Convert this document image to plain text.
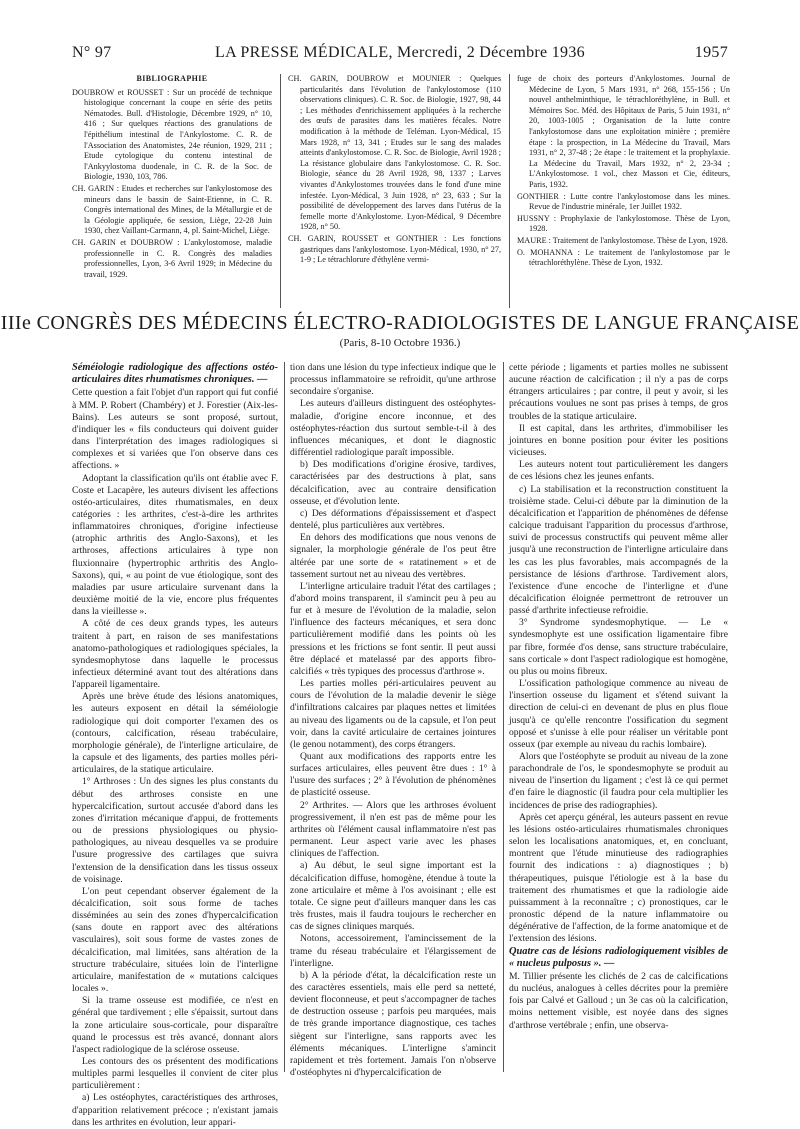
N° 97	LA PRESSE MÉDICALE, Mercredi, 2 Décembre 1936	1957
BIBLIOGRAPHIE

DOUBROW et ROUSSET : Sur un procédé de technique histologique concernant la coupe en série des petits Nématodes. Bull. d'Histologie, Décembre 1929, n° 10, 416 ; Sur quelques réactions des granulations de l'épithélium intestinal de l'Ankylostome. C. R. de l'Association des Anatomistes, 24e réunion, 1929, 211 ; Etude cytologique du contenu intestinal de l'Ankyylostoma duodenale, in C. R. de la Soc. de Biologie, 1930, 103, 786.

CH. GARIN : Etudes et recherches sur l'ankylostomose des mineurs dans le bassin de Saint-Etienne, in C. R. Congrès international des Mines, de la Métallurgie et de la Géologie appliquée, 6e session, Liège, 22-28 Juin 1930, chez Vaillant-Carmann, 4, pl. Saint-Michel, Liège.

CH. GARIN et DOUBROW : L'ankylostomose, maladie professionnelle in C. R. Congrès des maladies professionnelles, Lyon, 3-6 Avril 1929; in Médecine du travail, 1929.

CH. GARIN, DOUBROW et MOUNIER : Quelques particularités dans l'évolution de l'ankylostomose (110 observations cliniques). C. R. Soc. de Biologie, 1927, 98, 44 ; Les méthodes d'enrichissement appliquées à la recherche des œufs de parasites dans les matières fécales. Notre modification à la méthode de Teléman. Lyon-Médical, 15 Mars 1928, n° 13, 341 ; Etudes sur le sang des malades atteints d'ankylostomose. C. R. Soc. de Biologie, Avril 1928 ; La résistance globulaire dans l'ankylostomose. C. R. Soc. Biologie, séance du 28 Avril 1928, 98, 1337 ; Larves vivantes d'Ankylostomes trouvées dans le fond d'une mine infestée. Lyon-Médical, 3 Juin 1928, n° 23, 633 ; Sur la possibilité de développement des larves dans l'utérus de la femelle morte d'Ankylostome. Lyon-Médical, 9 Décembre 1928, n° 50.

CH. GARIN, ROUSSET et GONTHIER : Les fonctions gastriques dans l'ankylostomose. Lyon-Médical, 1930, n° 27, 1-9 ; Le tétrachlorure d'éthylène vermi-

fuge de choix des porteurs d'Ankylostomes. Journal de Médecine de Lyon, 5 Mars 1931, n° 268, 155-156 ; Un nouvel anthelminthique, le tétrachloréthylène, in Bull. et Mémoires Soc. Méd. des Hôpitaux de Paris, 5 Juin 1931, n° 20, 1003-1005 ; Organisation de la lutte contre l'ankylostomose dans une exploitation minière ; première étape : la prospection, in La Médecine du Travail, Mars 1931, n° 2, 37-48 ; 2e étape : le traitement et la prophylaxie. La Médecine du Travail, Mars 1932, n° 2, 23-34 ; L'Ankylostomose. 1 vol., chez Masson et Cie, éditeurs, Paris, 1932.

GONTHIER : Lutte contre l'ankylostomose dans les mines. Revue de l'industrie minérale, 1er Juillet 1932.

HUSSNY : Prophylaxie de l'ankylostomose. Thèse de Lyon, 1928.

MAURE : Traitement de l'ankylostomose. Thèse de Lyon, 1928.

O. MOHANNA : Le traitement de l'ankylostomose par le tétrachloréthylène. Thèse de Lyon, 1932.

IIIe CONGRÈS DES MÉDECINS ÉLECTRO-RADIOLOGISTES DE LANGUE FRANÇAISE
(Paris, 8-10 Octobre 1936.)
Séméiologie radiologique des affections ostéo-articulaires dites rhumatismes chroniques. —

Cette question a fait l'objet d'un rapport qui fut confié à MM. P. Robert (Chambéry) et J. Forestier (Aix-les-Bains). Les auteurs se sont proposé, surtout, d'indiquer les « fils conducteurs qui doivent guider dans l'interprétation des images radiologiques si complexes et si variées que l'on observe dans ces affections. »

Adoptant la classification qu'ils ont établie avec F. Coste et Lacapère, les auteurs divisent les affections ostéo-articulaires, dites rhumatismales, en deux catégories : les arthrites, c'est-à-dire les arthrites inflammatoires chroniques, d'origine infectieuse (atrophic arthritis des Anglo-Saxons), et les arthroses, affections articulaires à type non fluxionnaire (hypertrophic arthritis des Anglo-Saxons), qui, « au point de vue étiologique, sont des maladies par usure articulaire survenant dans la deuxième moitié de la vie, encore plus fréquentes dans la vieillesse ».

A côté de ces deux grands types, les auteurs traitent à part, en raison de ses manifestations anatomo-pathologiques et radiologiques spéciales, la syndesmophytose dans laquelle le processus infectieux déterminé avant tout des altérations dans l'appareil ligamentaire.

Après une brève étude des lésions anatomiques, les auteurs exposent en détail la séméiologie radiologique qui doit comporter l'examen des os (contours, calcification, réseau trabéculaire, morphologie générale), de l'interligne articulaire, de la capsule et des ligaments, des parties molles péri-articulaires, de la statique articulaire.

1° Arthroses : Un des signes les plus constants du début des arthroses consiste en une hypercalcification, surtout accusée d'abord dans les zones d'irritation mécanique d'appui, de frottements ou de pressions physiologiques ou physio-pathologiques, au niveau desquelles va se produire l'usure progressive des cartilages que suivra l'extension de la densification dans les tissus osseux de voisinage.

L'on peut cependant observer également de la décalcification, soit sous forme de taches disséminées au sein des zones d'hypercalcification (sans doute en rapport avec des altérations vasculaires), soit sous forme de vastes zones de décalcification, mal limitées, sans altération de la structure trabéculaire, situées loin de l'interligne articulaire, manifestation de « mutations calciques locales ».

Si la trame osseuse est modifiée, ce n'est en général que tardivement ; elle s'épaissit, surtout dans la zone articulaire sous-corticale, pour disparaître quand le processus est très avancé, donnant alors l'aspect radiologique de la sclérose osseuse.

Les contours des os présentent des modifications multiples parmi lesquelles il convient de citer plus particulièrement :

a) Les ostéophytes, caractéristiques des arthroses, d'apparition relativement précoce ; n'existant jamais dans les arthrites en évolution, leur appari-

tion dans une lésion du type infectieux indique que le processus inflammatoire se refroidit, qu'une arthrose secondaire s'organise.

Les auteurs d'ailleurs distinguent des ostéophytes-maladie, d'origine encore inconnue, et des ostéophytes-réaction dus surtout semble-t-il à des influences mécaniques, et dont le diagnostic différentiel radiologique paraît impossible.

b) Des modifications d'origine érosive, tardives, caractérisées par des destructions à plat, sans décalcification, avec au contraire densification osseuse, et d'évolution lente.

c) Des déformations d'épaississement et d'aspect dentelé, plus particulières aux vertèbres.

En dehors des modifications que nous venons de signaler, la morphologie générale de l'os peut être altérée par une sorte de « ratatinement » et de tassement surtout net au niveau des vertèbres.

L'interligne articulaire traduit l'état des cartilages ; d'abord moins transparent, il s'amincit peu à peu au fur et à mesure de l'évolution de la maladie, selon l'influence des facteurs mécaniques, et sera donc particulièrement modifié dans les points où les pressions et les frictions se font sentir. Il peut aussi être déplacé et matelassé par des apports fibro-calcifiés « très typiques des processus d'arthrose ».

Les parties molles péri-articulaires peuvent au cours de l'évolution de la maladie devenir le siège d'infiltrations calcaires par plaques nettes et limitées au niveau des ligaments ou de la capsule, et l'on peut voir, dans la cavité articulaire de certaines jointures (le genou notamment), des corps étrangers.

Quant aux modifications des rapports entre les surfaces articulaires, elles peuvent être dues : 1° à l'usure des surfaces ; 2° à l'évolution de phénomènes de plasticité osseuse.

2° Arthrites. — Alors que les arthroses évoluent progressivement, il n'en est pas de même pour les arthrites où l'élément causal inflammatoire n'est pas permanent. Leur aspect varie avec les phases cliniques de l'affection.

a) Au début, le seul signe important est la décalcification diffuse, homogène, étendue à toute la zone articulaire et même à l'os avoisinant ; elle est totale. Ce signe peut d'ailleurs manquer dans les cas très frustes, mais il faudra toujours le rechercher en cas de signes cliniques marqués.

Notons, accessoirement, l'amincissement de la trame du réseau trabéculaire et l'élargissement de l'interligne.

b) A la période d'état, la décalcification reste un des caractères essentiels, mais elle perd sa netteté, devient floconneuse, et peut s'accompagner de taches de destruction osseuse ; parfois peu marquées, mais de très grande importance diagnostique, ces taches siègent sur l'interligne, sans rapports avec les éléments mécaniques. L'interligne s'amincit rapidement et très fortement. Jamais l'on n'observe d'ostéophytes ni d'hypercalcification de

cette période ; ligaments et parties molles ne subissent aucune réaction de calcification ; il n'y a pas de corps étrangers articulaires ; par contre, il peut y avoir, si les précautions voulues ne sont pas prises à temps, de gros troubles de la statique articulaire.

Il est capital, dans les arthrites, d'immobiliser les jointures en bonne position pour éviter les positions vicieuses.

Les auteurs notent tout particulièrement les dangers de ces lésions chez les jeunes enfants.

c) La stabilisation et la reconstruction constituent la troisième stade. Celui-ci débute par la diminution de la décalcification et l'apparition de phénomènes de défense calcique traduisant l'apparition du processus d'arthrose, suivi de processus constructifs qui peuvent même aller jusqu'à une reconstruction de l'interligne articulaire dans les cas les plus favorables, mais accompagnés de la persistance de lésions d'arthrose. Tardivement alors, l'existence d'une encoche de l'interligne et d'une décalcification éloignée permettront de retrouver un passé d'arthrite infectieuse refroidie.

3° Syndrome syndesmophytique. — Le « syndesmophyte est une ossification ligamentaire fibre par fibre, formée d'os dense, sans structure trabéculaire, sans corticale » dont l'aspect radiologique est homogène, ou plus ou moins fibreux.

L'ossification pathologique commence au niveau de l'insertion osseuse du ligament et s'étend suivant la direction de celui-ci en devenant de plus en plus floue jusqu'à ce qu'elle rencontre l'ossification du segment opposé et s'unisse à elle pour réaliser un véritable pont osseux (par exemple au niveau du rachis lombaire).

Alors que l'ostéophyte se produit au niveau de la zone parachondrale de l'os, le spondesmophyte se produit au niveau de l'insertion du ligament ; c'est là ce qui permet d'en faire le diagnostic (il faudra pour cela multiplier les incidences de prise des radiographies).

Après cet aperçu général, les auteurs passent en revue les lésions ostéo-articulaires rhumatismales chroniques selon les localisations anatomiques, et, en concluant, montrent que l'étude minutieuse des radiographies fournit des indications : a) diagnostiques ; b) thérapeutiques, puisque l'étiologie est à la base du traitement des rhumatismes et que la radiologie aide puissamment à la reconnaître ; c) pronostiques, car le pronostic dépend de la nature inflammatoire ou dégénérative de l'affection, de la forme anatomique et de l'extension des lésions.

Quatre cas de lésions radiologiquement visibles de « nucleus pulposus ». —

M. Tillier présente les clichés de 2 cas de calcifications du nucléus, analogues à celles décrites pour la première fois par Calvé et Galloud ; un 3e cas où la calcification, moins nettement visible, est noyée dans des signes d'arthrose vertébrale ; enfin, une observa-
